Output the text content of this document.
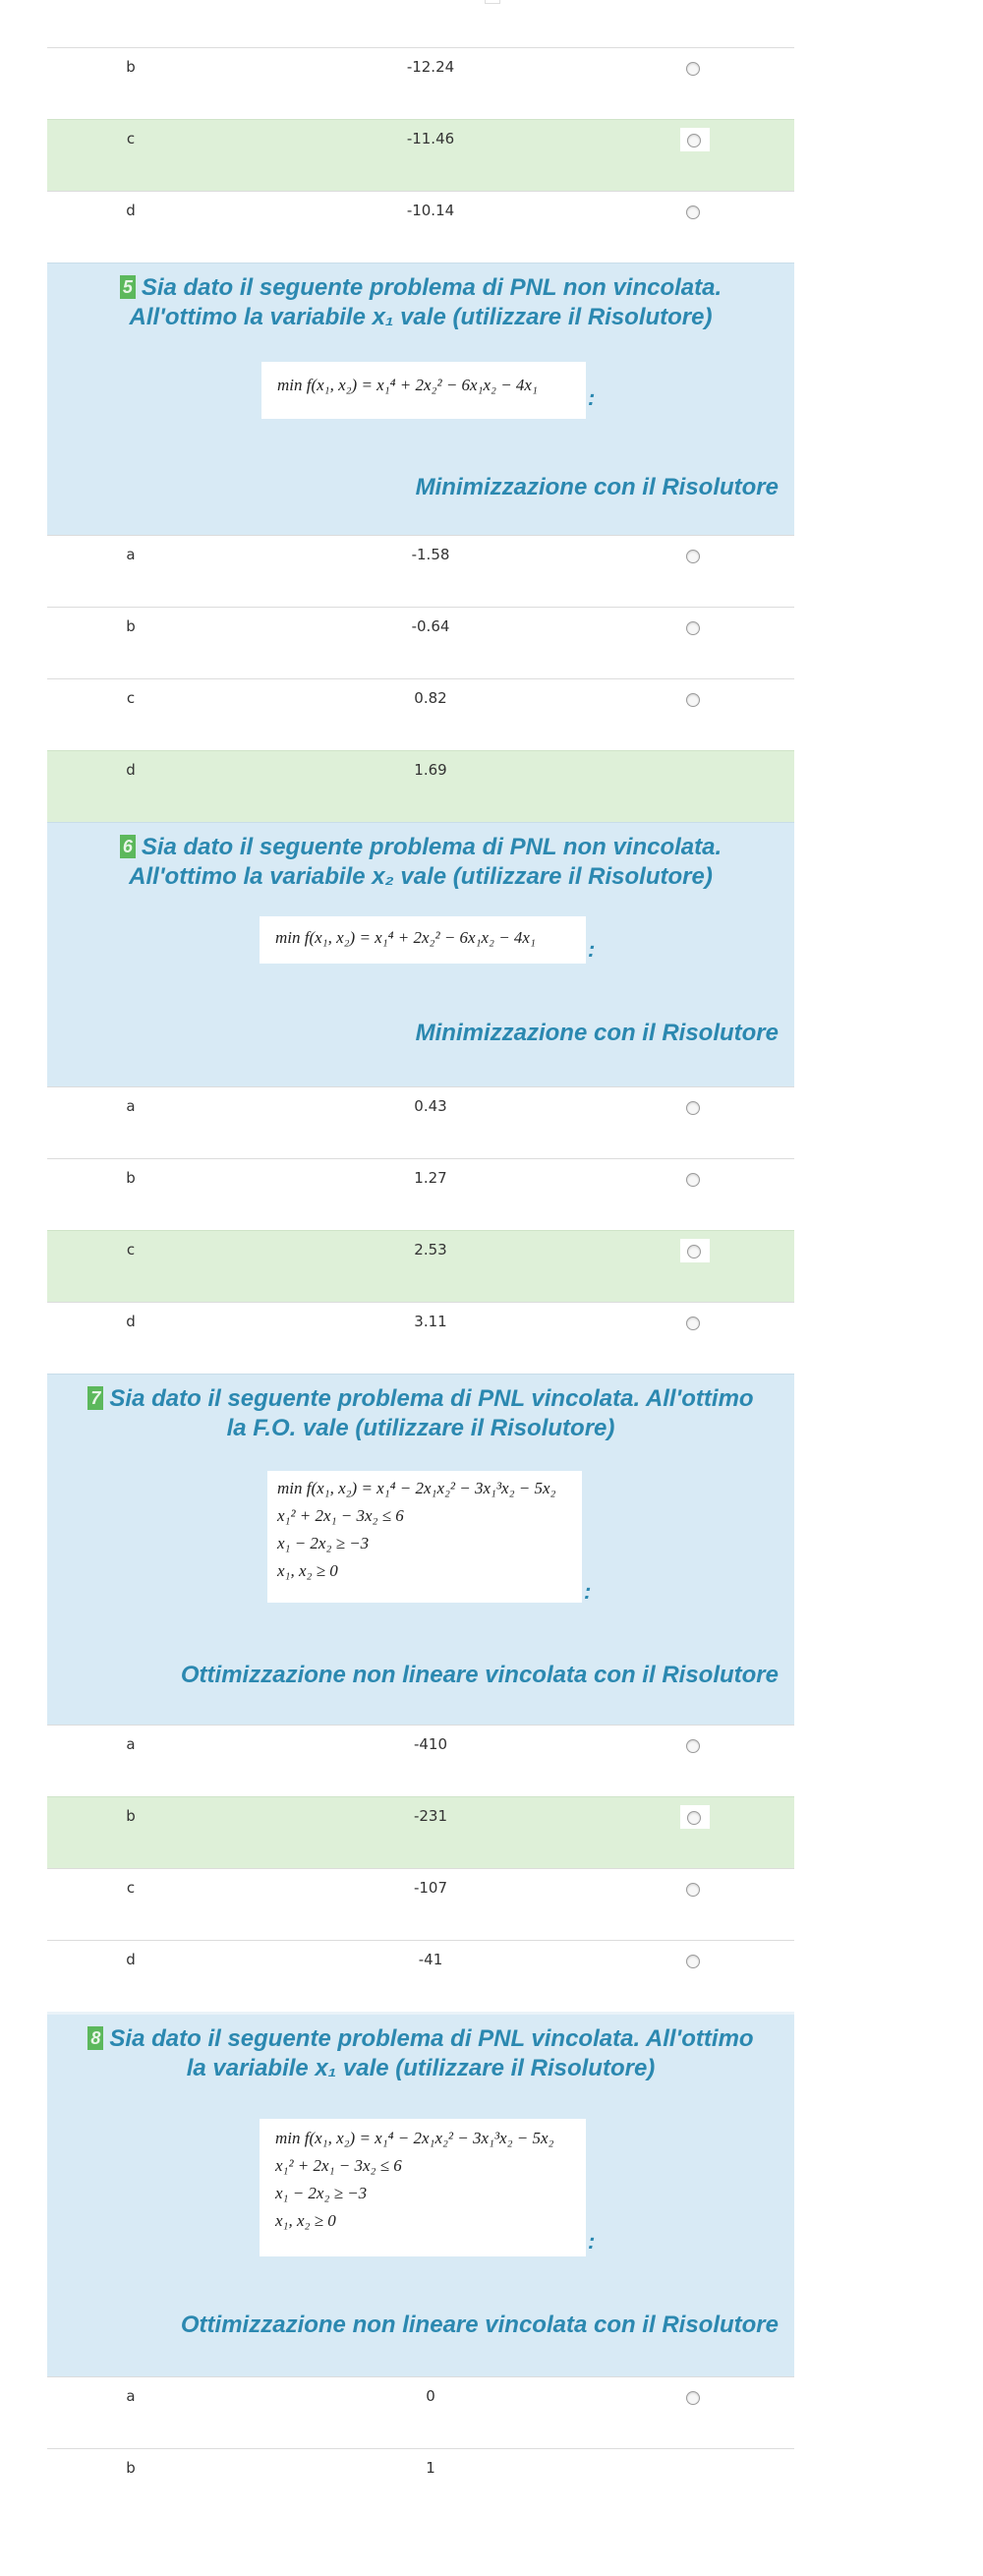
b	-12.24
c	-11.46
d	-10.14
5 Sia dato il seguente problema di PNL non vincolata.
All'ottimo la variabile x₁ vale (utilizzare il Risolutore)
min f(x₁, x₂) = x₁⁴ + 2x₂² − 6x₁x₂ − 4x₁
:
Minimizzazione con il Risolutore
a	-1.58
b	-0.64
c	0.82
d	1.69
6 Sia dato il seguente problema di PNL non vincolata.
All'ottimo la variabile x₂ vale (utilizzare il Risolutore)
min f(x₁, x₂) = x₁⁴ + 2x₂² − 6x₁x₂ − 4x₁	:
Minimizzazione con il Risolutore
a	0.43
b	1.27
c	2.53
d	3.11
7 Sia dato il seguente problema di PNL vincolata. All'ottimo
la F.O. vale (utilizzare il Risolutore)
min f(x₁, x₂) = x₁⁴ − 2x₁x₂² − 3x₁³x₂ − 5x₂
x₁² + 2x₁ − 3x₂ ≤ 6
x₁ − 2x₂ ≥ −3
x₁, x₂ ≥ 0
:
Ottimizzazione non lineare vincolata con il Risolutore
a	-410
b	-231
c	-107
d	-41
8 Sia dato il seguente problema di PNL vincolata. All'ottimo
la variabile x₁ vale (utilizzare il Risolutore)
min f(x₁, x₂) = x₁⁴ − 2x₁x₂² − 3x₁³x₂ − 5x₂
x₁² + 2x₁ − 3x₂ ≤ 6
x₁ − 2x₂ ≥ −3
x₁, x₂ ≥ 0
:
Ottimizzazione non lineare vincolata con il Risolutore
a	0
b	1
